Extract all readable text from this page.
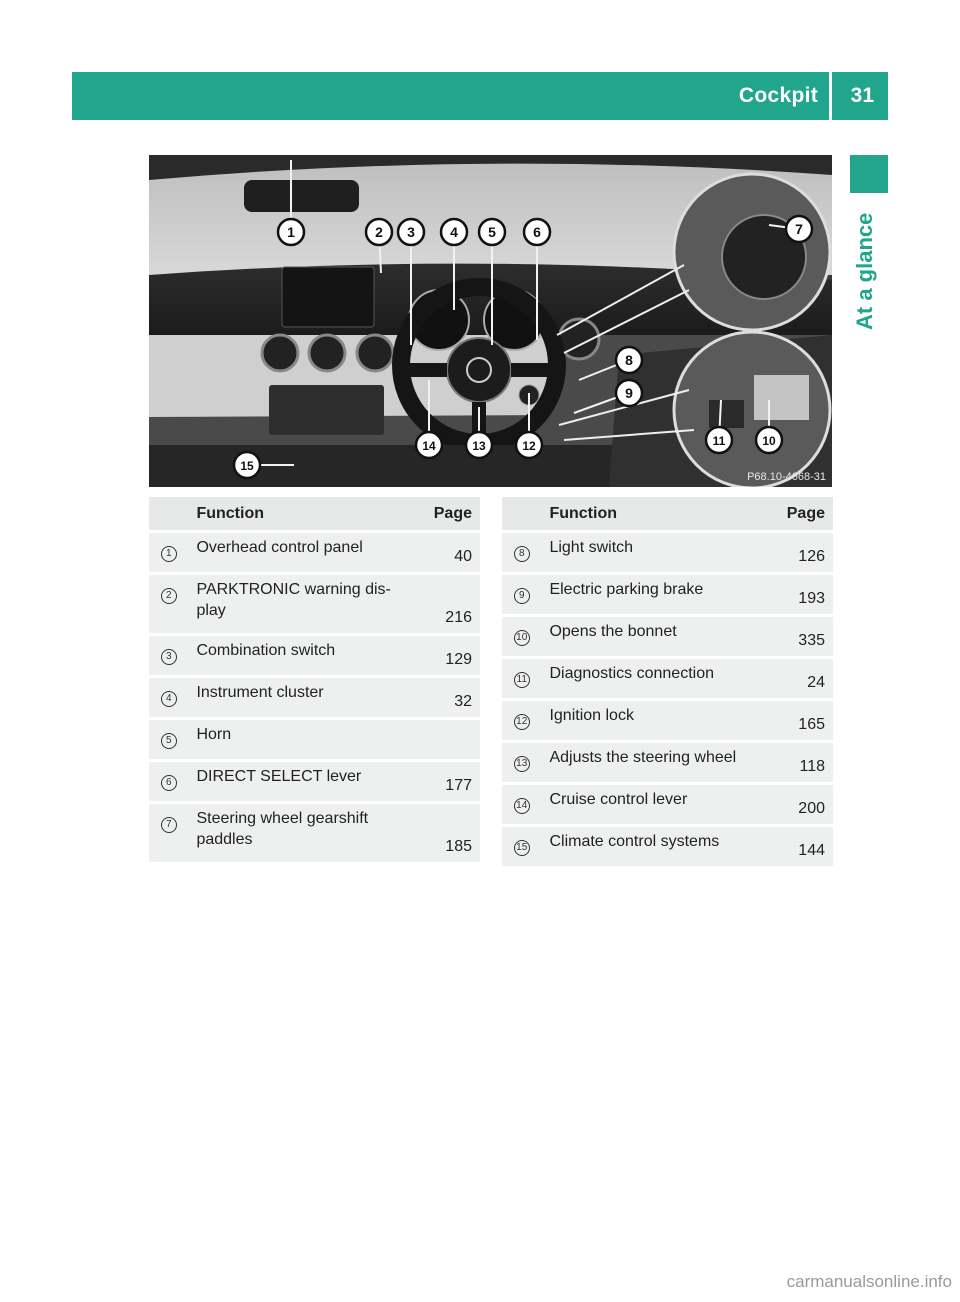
Cockpit 31
At a glance
1	2 3	4 5	6	7
8
9
10
11
12
13
14
15
P68.10-4668-31
	Function	Page
1	Overhead control panel	40
2	PARKTRONIC warning dis-
play	216
3	Combination switch	129
4	Instrument cluster	32
5	Horn	
6	DIRECT SELECT lever	177
7	Steering wheel gearshift
paddles	185
	Function	Page
8	Light switch	126
9	Electric parking brake	193
10	Opens the bonnet	335
11	Diagnostics connection	24
12	Ignition lock	165
13	Adjusts the steering wheel	118
14	Cruise control lever	200
15	Climate control systems	144
carmanualsonline.info
